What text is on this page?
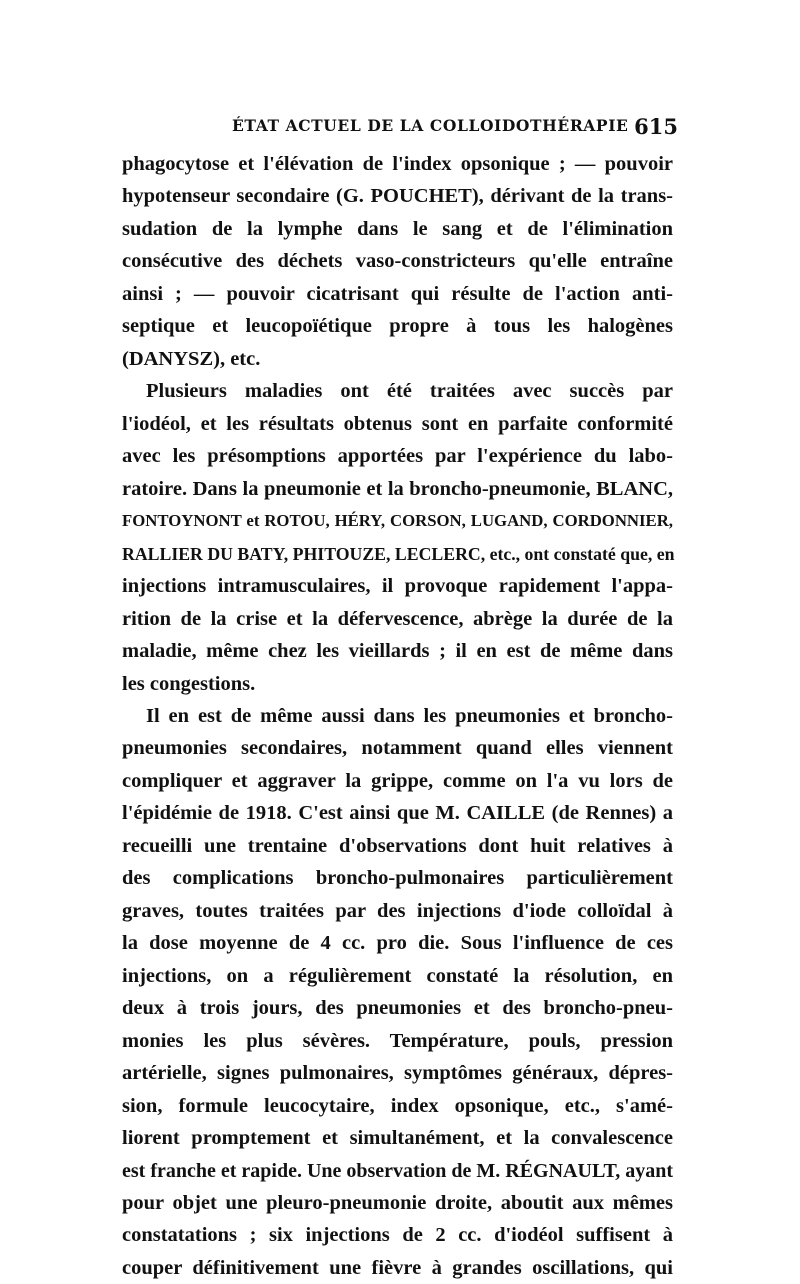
ÉTAT ACTUEL DE LA COLLOIDOTHÉRAPIE 615
phagocytose et l'élévation de l'index opsonique ; — pouvoir
hypotenseur secondaire (G. POUCHET), dérivant de la trans-
sudation de la lymphe dans le sang et de l'élimination
consécutive des déchets vaso-constricteurs qu'elle entraîne
ainsi ; — pouvoir cicatrisant qui résulte de l'action anti-
septique et leucopoïétique propre à tous les halogènes
(DANYSZ), etc.
Plusieurs maladies ont été traitées avec succès par
l'iodéol, et les résultats obtenus sont en parfaite conformité
avec les présomptions apportées par l'expérience du labo-
ratoire. Dans la pneumonie et la broncho-pneumonie, BLANC,
FONTOYNONT et ROTOU, HÉRY, CORSON, LUGAND, CORDONNIER,
RALLIER DU BATY, PHITOUZE, LECLERC, etc., ont constaté que, en
injections intramusculaires, il provoque rapidement l'appa-
rition de la crise et la défervescence, abrège la durée de la
maladie, même chez les vieillards ; il en est de même dans
les congestions.
Il en est de même aussi dans les pneumonies et broncho-
pneumonies secondaires, notamment quand elles viennent
compliquer et aggraver la grippe, comme on l'a vu lors de
l'épidémie de 1918. C'est ainsi que M. CAILLE (de Rennes) a
recueilli une trentaine d'observations dont huit relatives à
des complications broncho-pulmonaires particulièrement
graves, toutes traitées par des injections d'iode colloïdal à
la dose moyenne de 4 cc. pro die. Sous l'influence de ces
injections, on a régulièrement constaté la résolution, en
deux à trois jours, des pneumonies et des broncho-pneu-
monies les plus sévères. Température, pouls, pression
artérielle, signes pulmonaires, symptômes généraux, dépres-
sion, formule leucocytaire, index opsonique, etc., s'amé-
liorent promptement et simultanément, et la convalescence
est franche et rapide. Une observation de M. RÉGNAULT, ayant
pour objet une pleuro-pneumonie droite, aboutit aux mêmes
constatations ; six injections de 2 cc. d'iodéol suffisent à
couper définitivement une fièvre à grandes oscillations, qui
